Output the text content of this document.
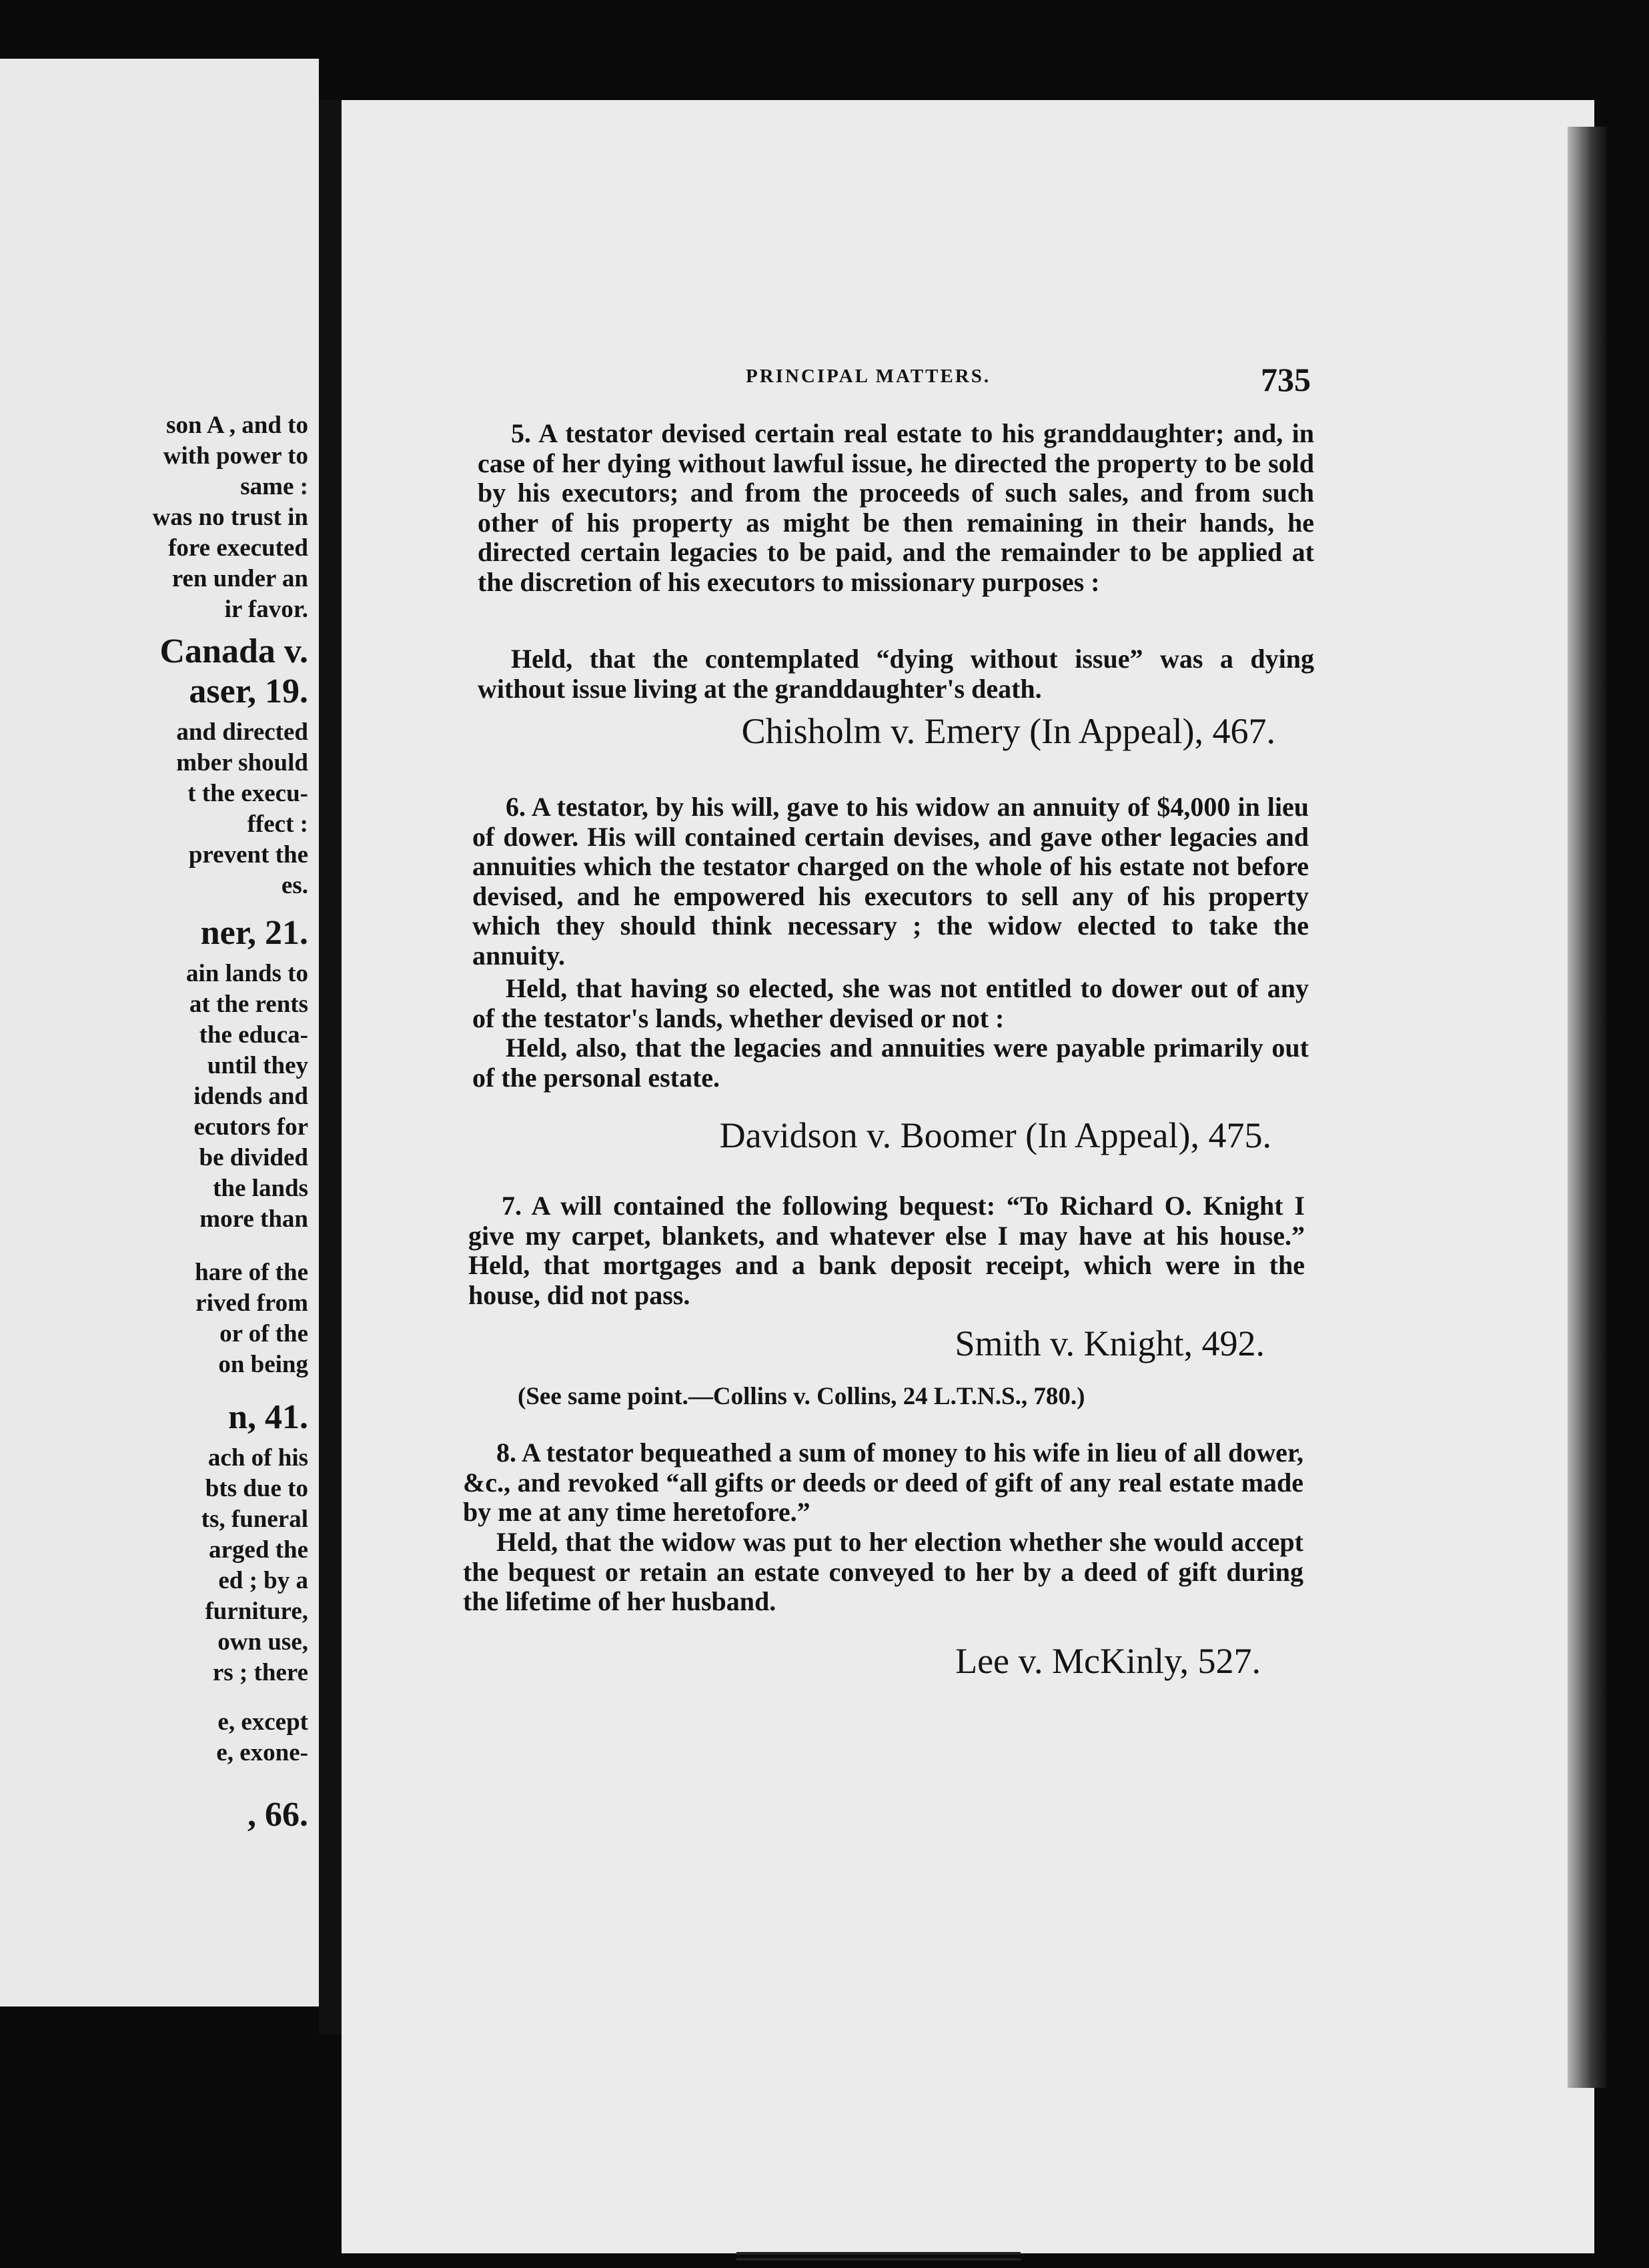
son A , and to
with power to
same :
was no trust in
fore executed
ren under an
ir favor.
Canada v.
aser, 19.
and directed
mber should
t the execu-
ffect :
prevent the
es.
ner, 21.
ain lands to
at the rents
the educa-
until they
idends and
ecutors for
be divided
the lands
more than
hare of the
rived from
or of the
on being
n, 41.
ach of his
bts due to
ts, funeral
arged the
ed ; by a
furniture,
own use,
rs ; there
e, except
e, exone-
, 66.
PRINCIPAL MATTERS.	735

5. A testator devised certain real estate to his granddaughter; and, in case of her dying without lawful issue, he directed the property to be sold by his executors; and from the proceeds of such sales, and from such other of his property as might be then remaining in their hands, he directed certain legacies to be paid, and the remainder to be applied at the discretion of his executors to missionary purposes :

Held, that the contemplated “dying without issue” was a dying without issue living at the granddaughter's death.

Chisholm v. Emery (In Appeal), 467.

6. A testator, by his will, gave to his widow an annuity of $4,000 in lieu of dower. His will contained certain devises, and gave other legacies and annuities which the testator charged on the whole of his estate not before devised, and he empowered his executors to sell any of his property which they should think necessary ; the widow elected to take the annuity.

Held, that having so elected, she was not entitled to dower out of any of the testator's lands, whether devised or not :

Held, also, that the legacies and annuities were payable primarily out of the personal estate.

Davidson v. Boomer (In Appeal), 475.

7. A will contained the following bequest: “To Richard O. Knight I give my carpet, blankets, and whatever else I may have at his house.” Held, that mortgages and a bank deposit receipt, which were in the house, did not pass.

Smith v. Knight, 492.

(See same point.—Collins v. Collins, 24 L.T.N.S., 780.)

8. A testator bequeathed a sum of money to his wife in lieu of all dower, &c., and revoked “all gifts or deeds or deed of gift of any real estate made by me at any time heretofore.”

Held, that the widow was put to her election whether she would accept the bequest or retain an estate conveyed to her by a deed of gift during the lifetime of her husband.

Lee v. McKinly, 527.
